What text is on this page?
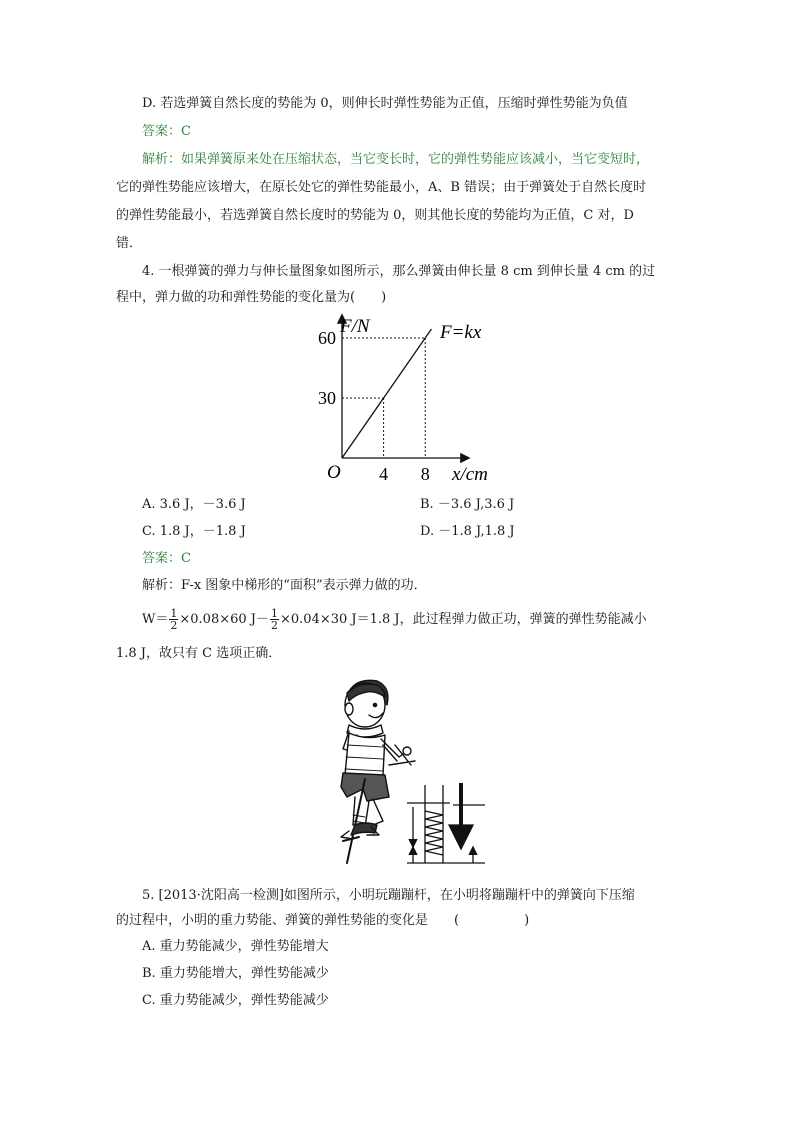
D. 若选弹簧自然长度的势能为 0，则伸长时弹性势能为正值，压缩时弹性势能为负值
答案：C
解析：如果弹簧原来处在压缩状态，当它变长时，它的弹性势能应该减小，当它变短时，
它的弹性势能应该增大，在原长处它的弹性势能最小，A、B 错误；由于弹簧处于自然长度时
的弹性势能最小，若选弹簧自然长度时的势能为 0，则其他长度的势能均为正值，C 对，D
错．
4. 一根弹簧的弹力与伸长量图象如图所示，那么弹簧由伸长量 8 cm 到伸长量 4 cm 的过
程中，弹力做的功和弹性势能的变化量为(　　)
F/N
O	x/cm
F=kx
30
60
4 8
A. 3.6 J，－3.6 J	B. －3.6 J,3.6 J
C. 1.8 J，－1.8 J	D. －1.8 J,1.8 J
答案：C
解析：F-x 图象中梯形的“面积”表示弹力做的功．
$W= \frac{1}{2} \times 0.08\times 60$ $J- \frac{1}{2} \times 0.04\times 30$ J＝1.8 J，此过程弹力做正功，弹簧的弹性势能减小
1.8 J，故只有 C 选项正确．
5. [2013·沈阳高一检测]如图所示，小明玩蹦蹦杆，在小明将蹦蹦杆中的弹簧向下压缩
的过程中，小明的重力势能、弹簧的弹性势能的变化是　　(　　　　　)
A. 重力势能减少，弹性势能增大
B. 重力势能增大，弹性势能减少
C. 重力势能减少，弹性势能减少
